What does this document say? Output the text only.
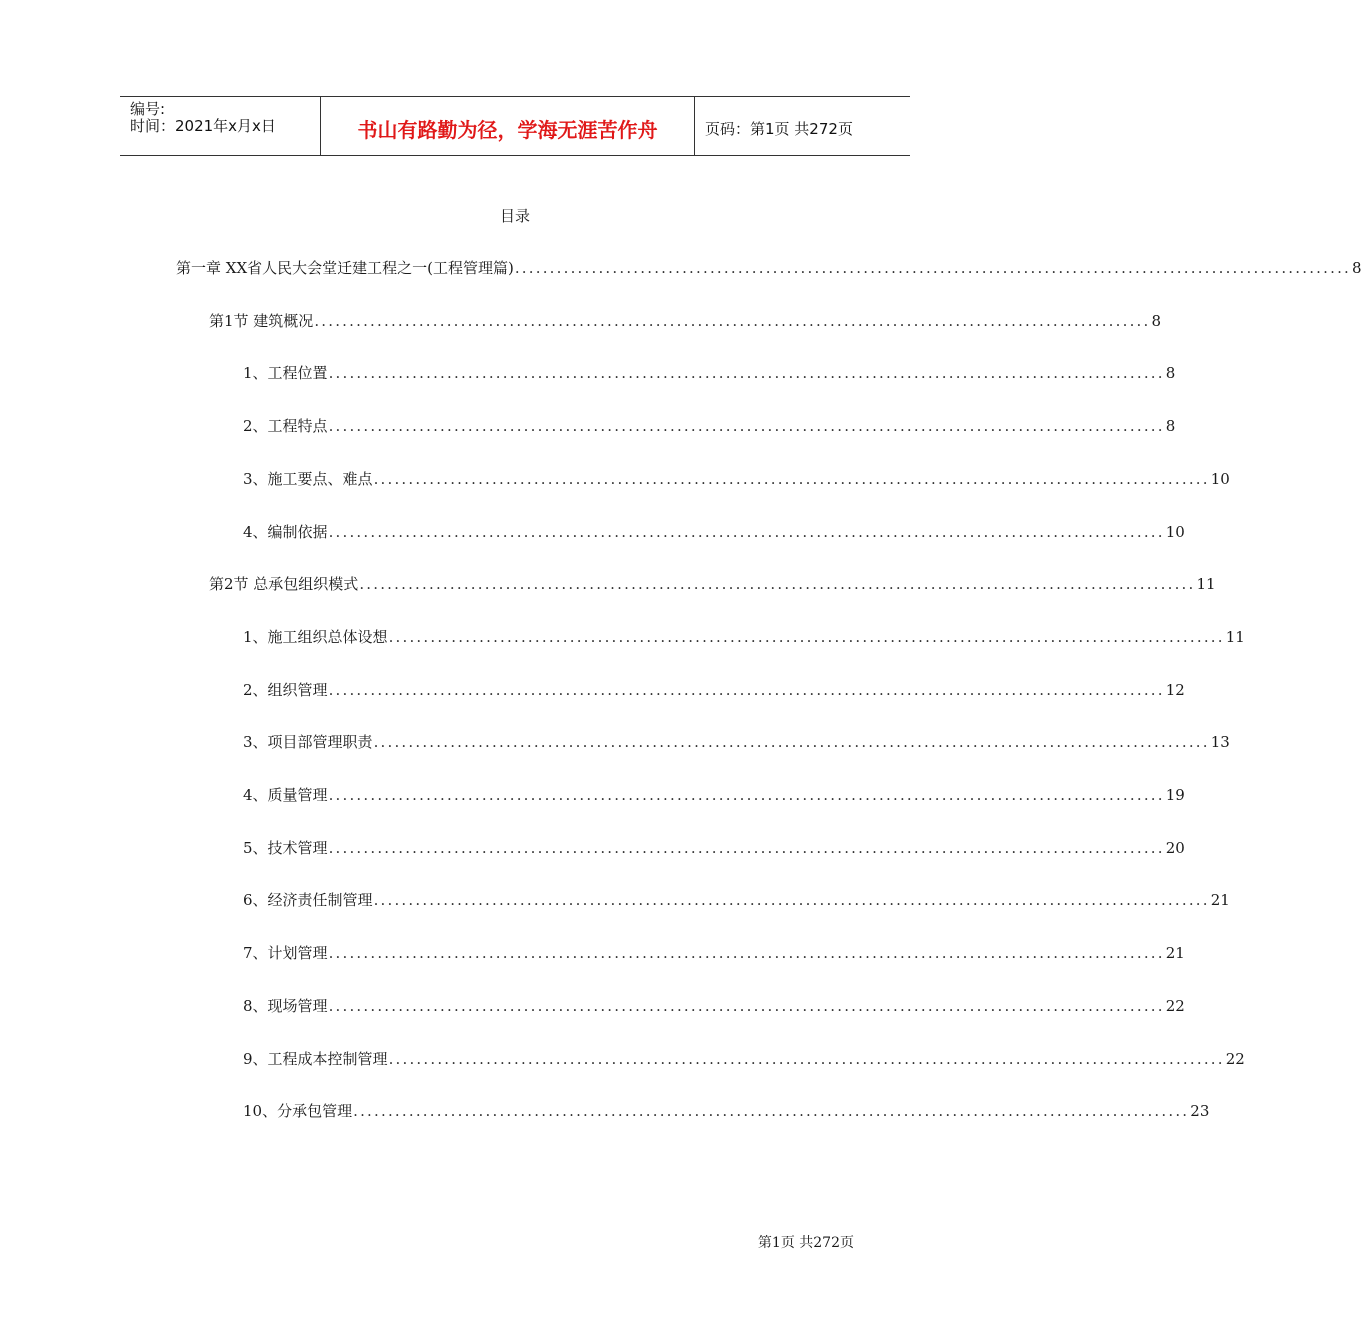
编号:
时间：2021年x月x日	书山有路勤为径，学海无涯苦作舟	页码：第1页 共272页
目录
第一章 XX省人民大会堂迁建工程之一(工程管理篇) ........................................................................................................................ 8
第1节 建筑概况 ........................................................................................................................ 8
1、 工程位置 ........................................................................................................................ 8
2、 工程特点 ........................................................................................................................ 8
3、 施工要点、难点 ........................................................................................................................ 10
4、 编制依据 ........................................................................................................................ 10
第2节 总承包组织模式 ........................................................................................................................ 11
1、 施工组织总体设想 ........................................................................................................................ 11
2、 组织管理 ........................................................................................................................ 12
3、 项目部管理职责 ........................................................................................................................ 13
4、 质量管理 ........................................................................................................................ 19
5、 技术管理 ........................................................................................................................ 20
6、 经济责任制管理 ........................................................................................................................ 21
7、 计划管理 ........................................................................................................................ 21
8、 现场管理 ........................................................................................................................ 22
9、 工程成本控制管理 ........................................................................................................................ 22
10、 分承包管理 ........................................................................................................................ 23
第1页 共272页
